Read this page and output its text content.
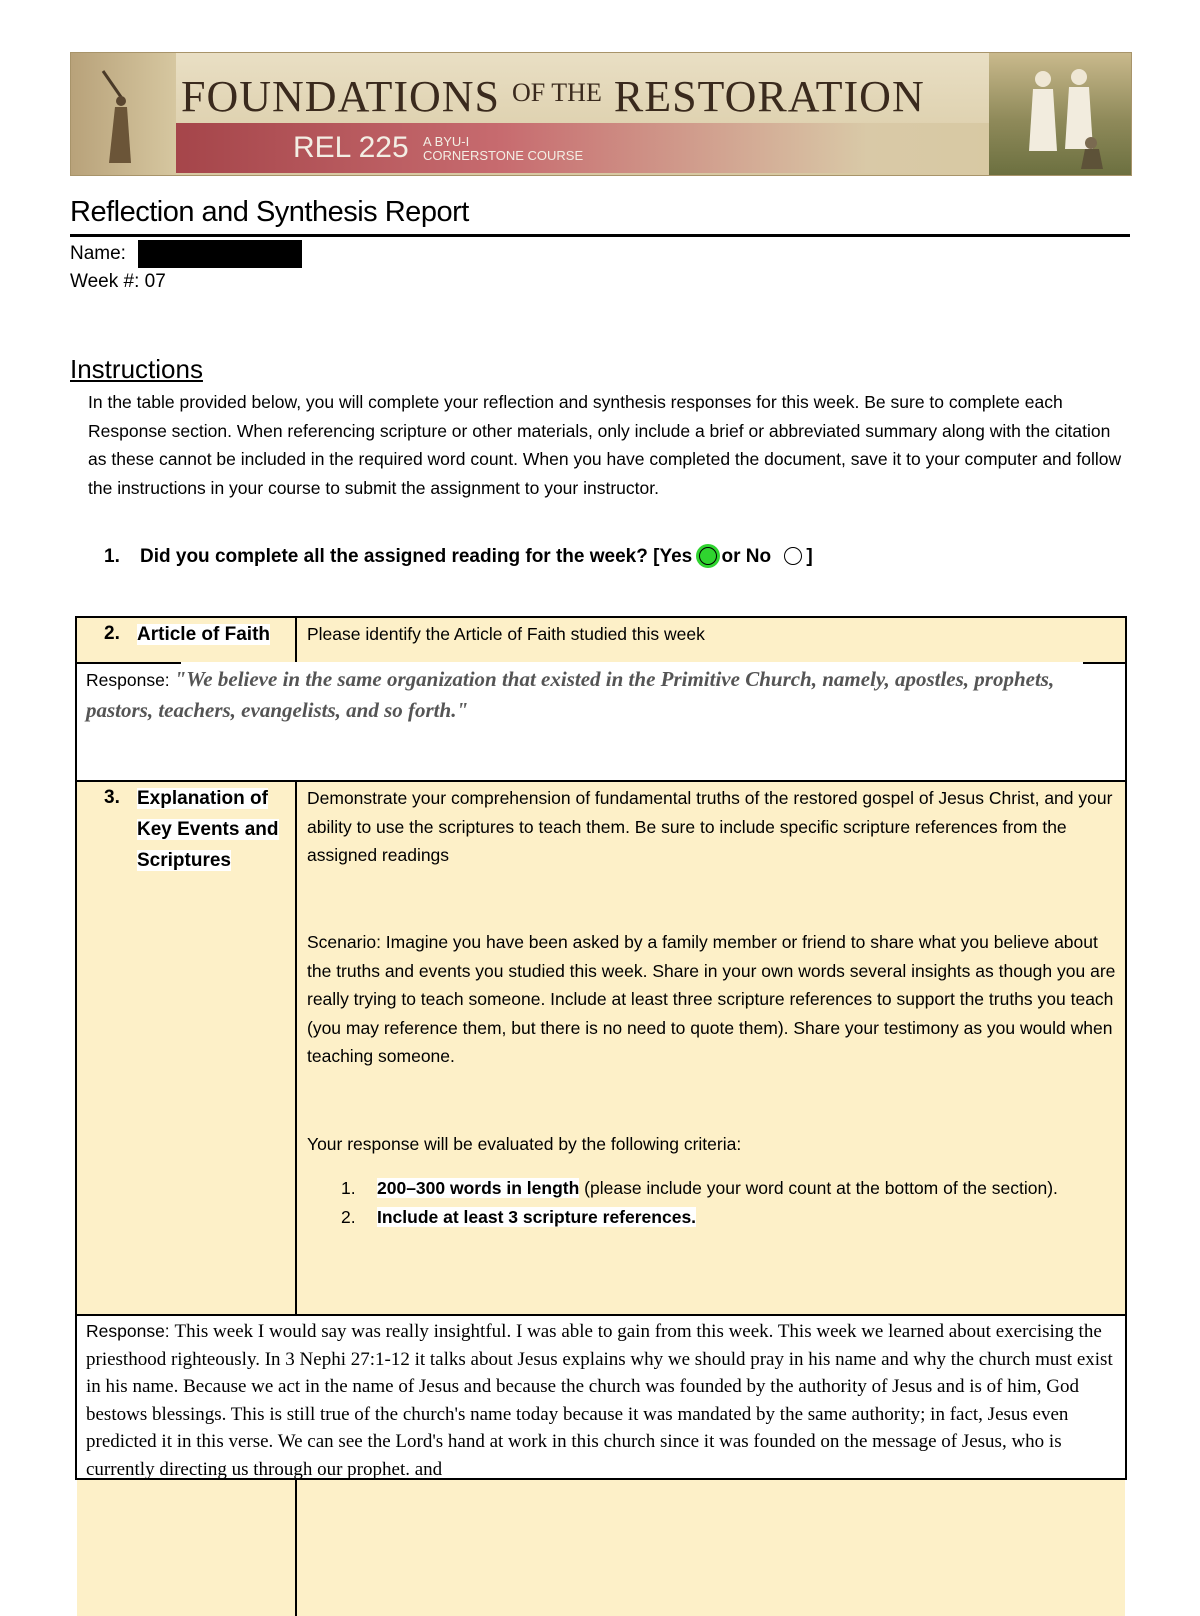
FOUNDATIONS $^{OF THE}$ RESTORATION
REL 225 A BYU-I
CORNERSTONE COURSE
Reflection and Synthesis Report
Name:
Week #: 07
Instructions
In the table provided below, you will complete your reflection and synthesis responses for this week. Be sure to complete each Response section. When referencing scripture or other materials, only include a brief or abbreviated summary along with the citation as these cannot be included in the required word count. When you have completed the document, save it to your computer and follow the instructions in your course to submit the assignment to your instructor.
1. Did you complete all the assigned reading for the week? [Yes or No ]
2. Article of Faith Please identify the Article of Faith studied this week
Response: "We believe in the same organization that existed in the Primitive Church, namely, apostles, prophets, pastors, teachers, evangelists, and so forth."
3. Explanation of
Key Events and
Scriptures
Demonstrate your comprehension of fundamental truths of the restored gospel of Jesus Christ, and your ability to use the scriptures to teach them. Be sure to include specific scripture references from the assigned readings
Scenario: Imagine you have been asked by a family member or friend to share what you believe about the truths and events you studied this week. Share in your own words several insights as though you are really trying to teach someone. Include at least three scripture references to support the truths you teach (you may reference them, but there is no need to quote them). Share your testimony as you would when teaching someone.
Your response will be evaluated by the following criteria:
1. 200–300 words in length (please include your word count at the bottom of the section).
2. Include at least 3 scripture references.
Response: This week I would say was really insightful. I was able to gain from this week. This week we learned about exercising the priesthood righteously. In 3 Nephi 27:1-12 it talks about Jesus explains why we should pray in his name and why the church must exist in his name. Because we act in the name of Jesus and because the church was founded by the authority of Jesus and is of him, God bestows blessings. This is still true of the church's name today because it was mandated by the same authority; in fact, Jesus even predicted it in this verse. We can see the Lord's hand at work in this church since it was founded on the message of Jesus, who is currently directing us through our prophet. and
